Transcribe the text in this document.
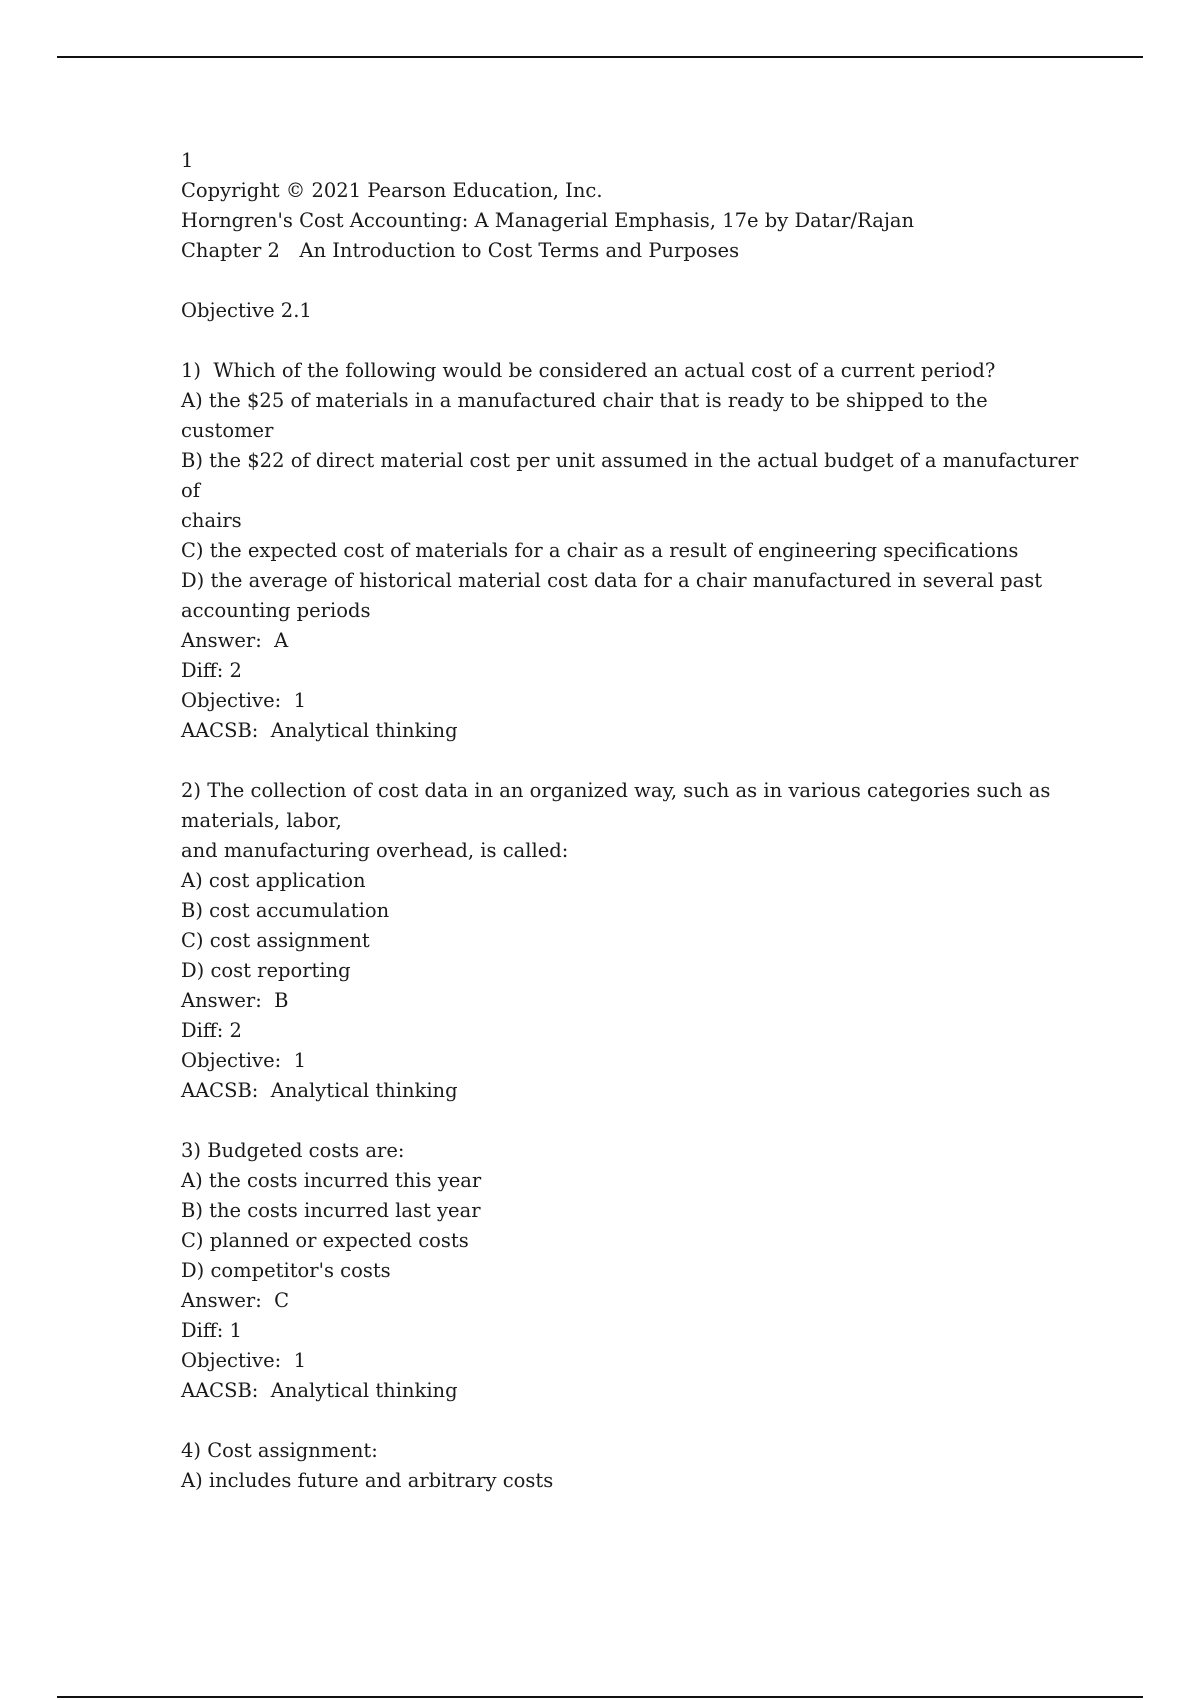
1
Copyright © 2021 Pearson Education, Inc.
Horngren's Cost Accounting: A Managerial Emphasis, 17e by Datar/Rajan
Chapter 2 An Introduction to Cost Terms and Purposes
Objective 2.1
1)  Which of the following would be considered an actual cost of a current period?
A) the $25 of materials in a manufactured chair that is ready to be shipped to the customer
B) the $22 of direct material cost per unit assumed in the actual budget of a manufacturer of
chairs
C) the expected cost of materials for a chair as a result of engineering specifications
D) the average of historical material cost data for a chair manufactured in several past
accounting periods
Answer:  A
Diff: 2
Objective:  1
AACSB:  Analytical thinking
2) The collection of cost data in an organized way, such as in various categories such as
materials, labor,
and manufacturing overhead, is called:
A) cost application
B) cost accumulation
C) cost assignment
D) cost reporting
Answer:  B
Diff: 2
Objective:  1
AACSB:  Analytical thinking
3) Budgeted costs are:
A) the costs incurred this year
B) the costs incurred last year
C) planned or expected costs
D) competitor's costs
Answer:  C
Diff: 1
Objective:  1
AACSB:  Analytical thinking
4) Cost assignment:
A) includes future and arbitrary costs
